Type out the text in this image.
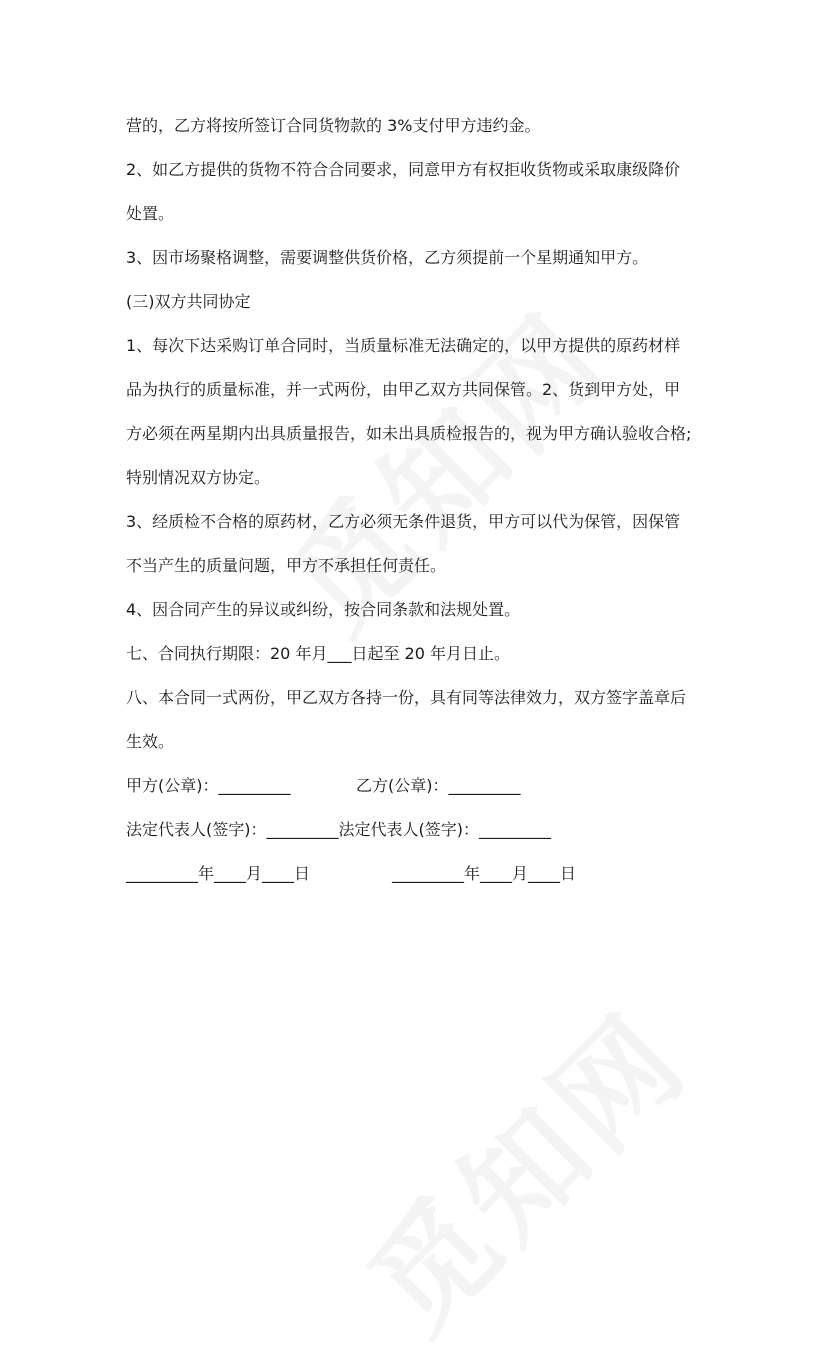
营的，乙方将按所签订合同货物款的 3%支付甲方违约金。
2、如乙方提供的货物不符合合同要求，同意甲方有权拒收货物或采取康级降价
处置。
3、因市场聚格调整，需要调整供货价格，乙方须提前一个星期通知甲方。
(三)双方共同协定
1、每次下达采购订单合同时，当质量标准无法确定的，以甲方提供的原药材样
品为执行的质量标准，并一式两份，由甲乙双方共同保管。2、货到甲方处，甲
方必须在两星期内出具质量报告，如未出具质检报告的，视为甲方确认验收合格;
特别情况双方协定。
3、经质检不合格的原药材，乙方必须无条件退货，甲方可以代为保管，因保管
不当产生的质量问题，甲方不承担任何责任。
4、因合同产生的异议或纠纷，按合同条款和法规处置。
七、合同执行期限：20 年月___日起至 20 年月日止。
八、本合同一式两份，甲乙双方各持一份，具有同等法律效力，双方签字盖章后
生效。
甲方(公章)：_________	乙方(公章)：_________
法定代表人(签字)：_________法定代表人(签字)：_________
_________年____月____日	_________年____月____日
